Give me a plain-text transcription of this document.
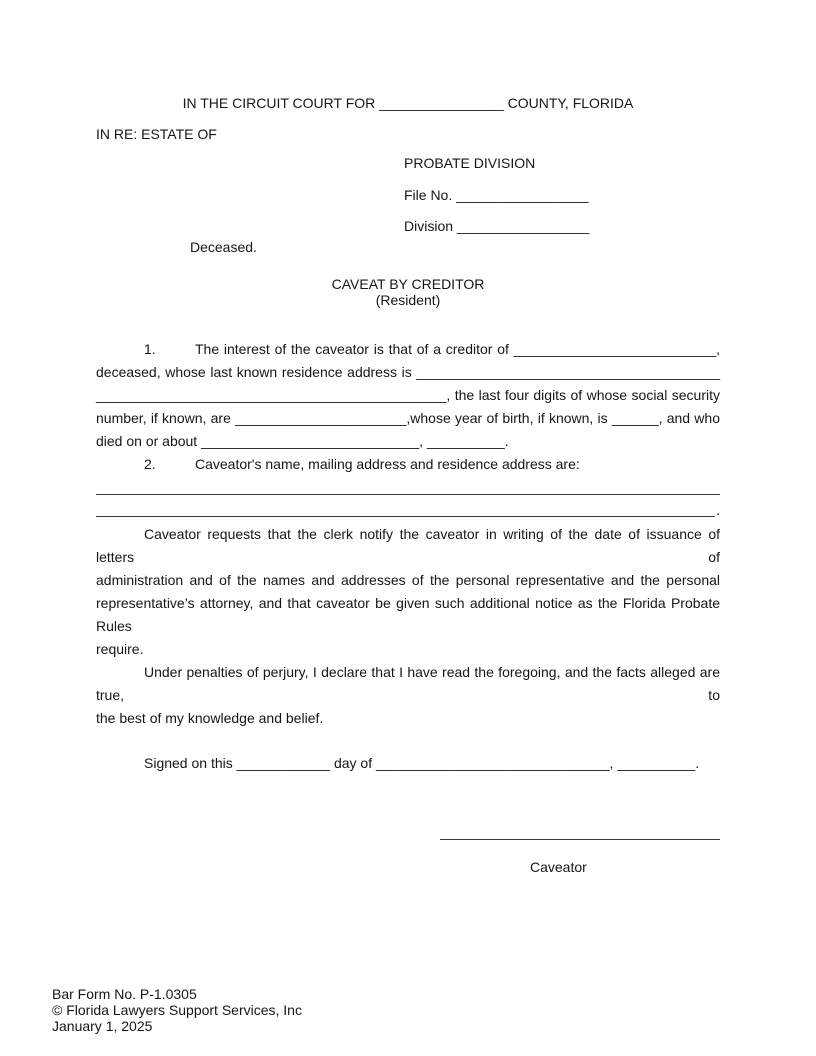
IN THE CIRCUIT COURT FOR ________________ COUNTY, FLORIDA
IN RE: ESTATE OF
PROBATE DIVISION
File No. _________________
Division _________________
Deceased.
CAVEAT BY CREDITOR
(Resident)
1.	The interest of the caveator is that of a creditor of __________________________,
deceased, whose last known residence address is _______________________________________
_____________________________________________, the last four digits of whose social security
number, if known, are ______________________,whose year of birth, if known, is ______, and who
died on or about ____________________________, __________.
2.	Caveator's name, mailing address and residence address are:
.
Caveator requests that the clerk notify the caveator in writing of the date of issuance of letters of
administration and of the names and addresses of the personal representative and the personal
representative’s attorney, and that caveator be given such additional notice as the Florida Probate Rules
require.
Under penalties of perjury, I declare that I have read the foregoing, and the facts alleged are true, to
the best of my knowledge and belief.
Signed on this ____________ day of ______________________________, __________.
Caveator
Bar Form No. P-1.0305
© Florida Lawyers Support Services, Inc
January 1, 2025
